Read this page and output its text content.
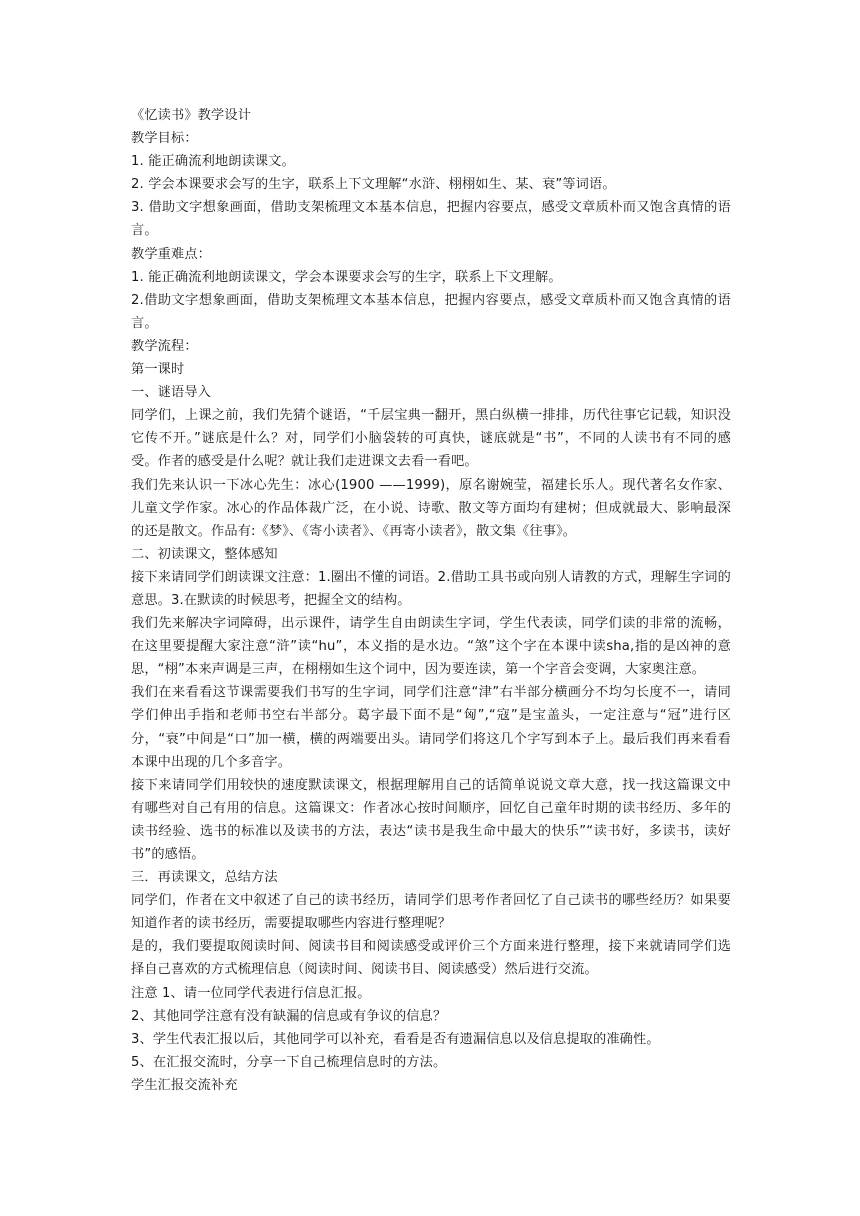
《忆读书》教学设计

教学目标：

1. 能正确流利地朗读课文。

2. 学会本课要求会写的生字，联系上下文理解“水浒、栩栩如生、某、衰”等词语。

3. 借助文字想象画面，借助支架梳理文本基本信息，把握内容要点，感受文章质朴而又饱含真情的语言。

教学重难点：

1. 能正确流利地朗读课文，学会本课要求会写的生字，联系上下文理解。

2.借助文字想象画面，借助支架梳理文本基本信息，把握内容要点，感受文章质朴而又饱含真情的语言。

教学流程：

第一课时

一、谜语导入

同学们，上课之前，我们先猜个谜语，“千层宝典一翻开，黑白纵横一排排，历代往事它记载，知识没它传不开。”谜底是什么？对，同学们小脑袋转的可真快，谜底就是“书”，不同的人读书有不同的感受。作者的感受是什么呢？就让我们走进课文去看一看吧。

我们先来认识一下冰心先生：冰心(1900 ——1999)，原名谢婉莹，福建长乐人。现代著名女作家、儿童文学作家。冰心的作品体裁广泛，在小说、诗歌、散文等方面均有建树；但成就最大、影响最深的还是散文。作品有:《梦》、《寄小读者》、《再寄小读者》，散文集《往事》。

二、初读课文，整体感知

接下来请同学们朗读课文注意：1.圈出不懂的词语。2.借助工具书或向别人请教的方式，理解生字词的意思。3.在默读的时候思考，把握全文的结构。

我们先来解决字词障碍，出示课件，请学生自由朗读生字词，学生代表读，同学们读的非常的流畅，在这里要提醒大家注意“浒”读“hu”，本义指的是水边。“煞”这个字在本课中读sha,指的是凶神的意思，“栩”本来声调是三声，在栩栩如生这个词中，因为要连读，第一个字音会变调，大家奥注意。

我们在来看看这节课需要我们书写的生字词，同学们注意“津”右半部分横画分不均匀长度不一，请同学们伸出手指和老师书空右半部分。葛字最下面不是“匈”,“寇”是宝盖头，一定注意与“冠”进行区分，“衰”中间是“口”加一横，横的两端要出头。请同学们将这几个字写到本子上。最后我们再来看看本课中出现的几个多音字。

接下来请同学们用较快的速度默读课文，根据理解用自己的话简单说说文章大意，找一找这篇课文中有哪些对自己有用的信息。这篇课文：作者冰心按时间顺序，回忆自己童年时期的读书经历、多年的读书经验、选书的标准以及读书的方法，表达“读书是我生命中最大的快乐”“读书好，多读书，读好书”的感悟。

三．再读课文，总结方法

同学们，作者在文中叙述了自己的读书经历，请同学们思考作者回忆了自己读书的哪些经历？如果要知道作者的读书经历，需要提取哪些内容进行整理呢？

是的，我们要提取阅读时间、阅读书目和阅读感受或评价三个方面来进行整理，接下来就请同学们选择自己喜欢的方式梳理信息（阅读时间、阅读书目、阅读感受）然后进行交流。

注意 1、请一位同学代表进行信息汇报。

2、其他同学注意有没有缺漏的信息或有争议的信息？

3、学生代表汇报以后，其他同学可以补充，看看是否有遗漏信息以及信息提取的准确性。

5、在汇报交流时，分享一下自己梳理信息时的方法。

学生汇报交流补充
